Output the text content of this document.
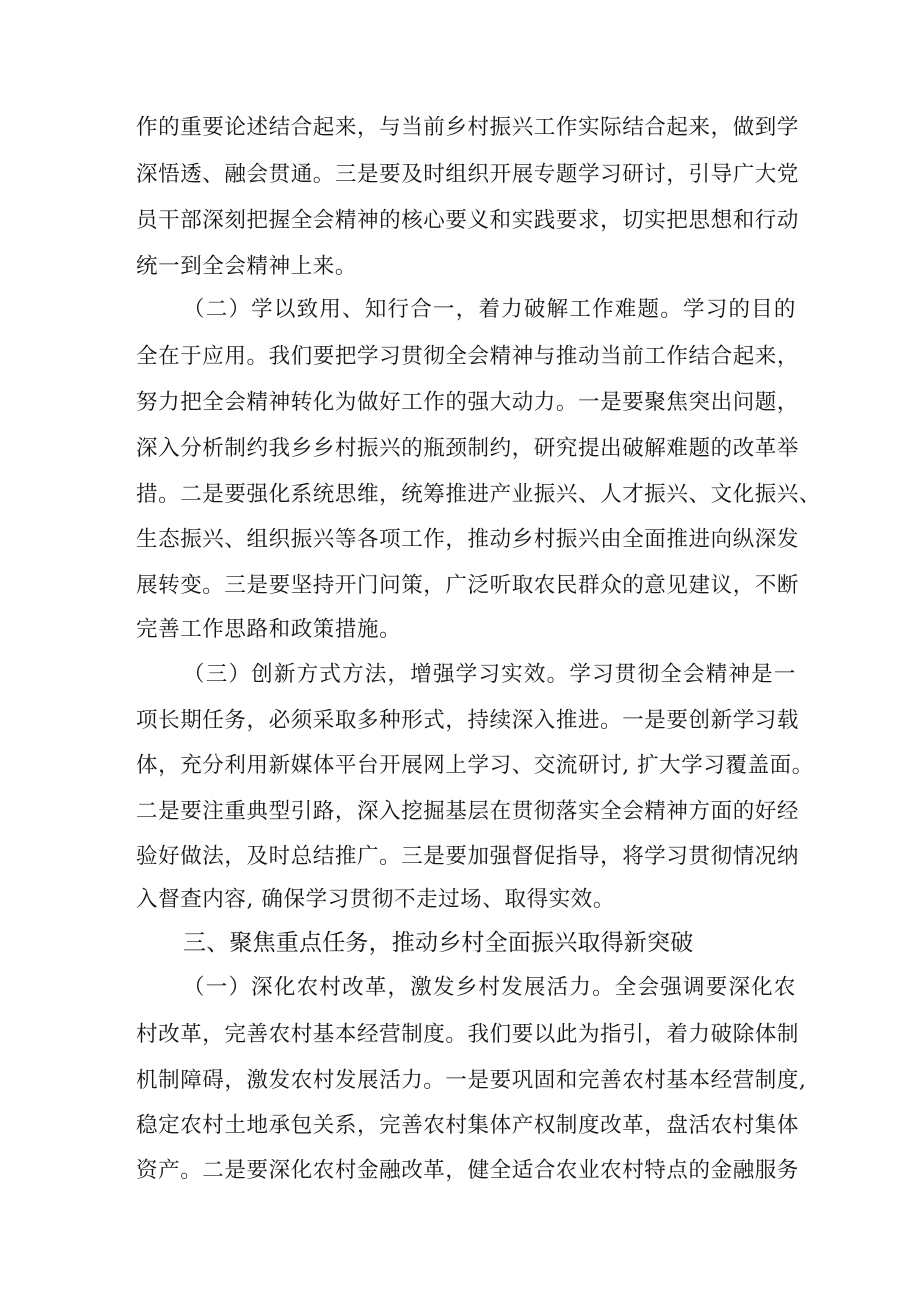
作的重要论述结合起来，与当前乡村振兴工作实际结合起来，做到学
深悟透、融会贯通。三是要及时组织开展专题学习研讨，引导广大党
员干部深刻把握全会精神的核心要义和实践要求，切实把思想和行动
统一到全会精神上来。
（二）学以致用、知行合一，着力破解工作难题。学习的目的
全在于应用。我们要把学习贯彻全会精神与推动当前工作结合起来，
努力把全会精神转化为做好工作的强大动力。一是要聚焦突出问题，
深入分析制约我乡乡村振兴的瓶颈制约，研究提出破解难题的改革举
措。二是要强化系统思维，统筹推进产业振兴、人才振兴、文化振兴、
生态振兴、组织振兴等各项工作，推动乡村振兴由全面推进向纵深发
展转变。三是要坚持开门问策，广泛听取农民群众的意见建议，不断
完善工作思路和政策措施。
（三）创新方式方法，增强学习实效。学习贯彻全会精神是一
项长期任务，必须采取多种形式，持续深入推进。一是要创新学习载
体，充分利用新媒体平台开展网上学习、交流研讨, 扩大学习覆盖面。
二是要注重典型引路，深入挖掘基层在贯彻落实全会精神方面的好经
验好做法，及时总结推广。三是要加强督促指导，将学习贯彻情况纳
入督查内容, 确保学习贯彻不走过场、取得实效。
三、聚焦重点任务，推动乡村全面振兴取得新突破
（一）深化农村改革，激发乡村发展活力。全会强调要深化农
村改革，完善农村基本经营制度。我们要以此为指引，着力破除体制
机制障碍，激发农村发展活力。一是要巩固和完善农村基本经营制度,
稳定农村土地承包关系，完善农村集体产权制度改革，盘活农村集体
资产。二是要深化农村金融改革，健全适合农业农村特点的金融服务
